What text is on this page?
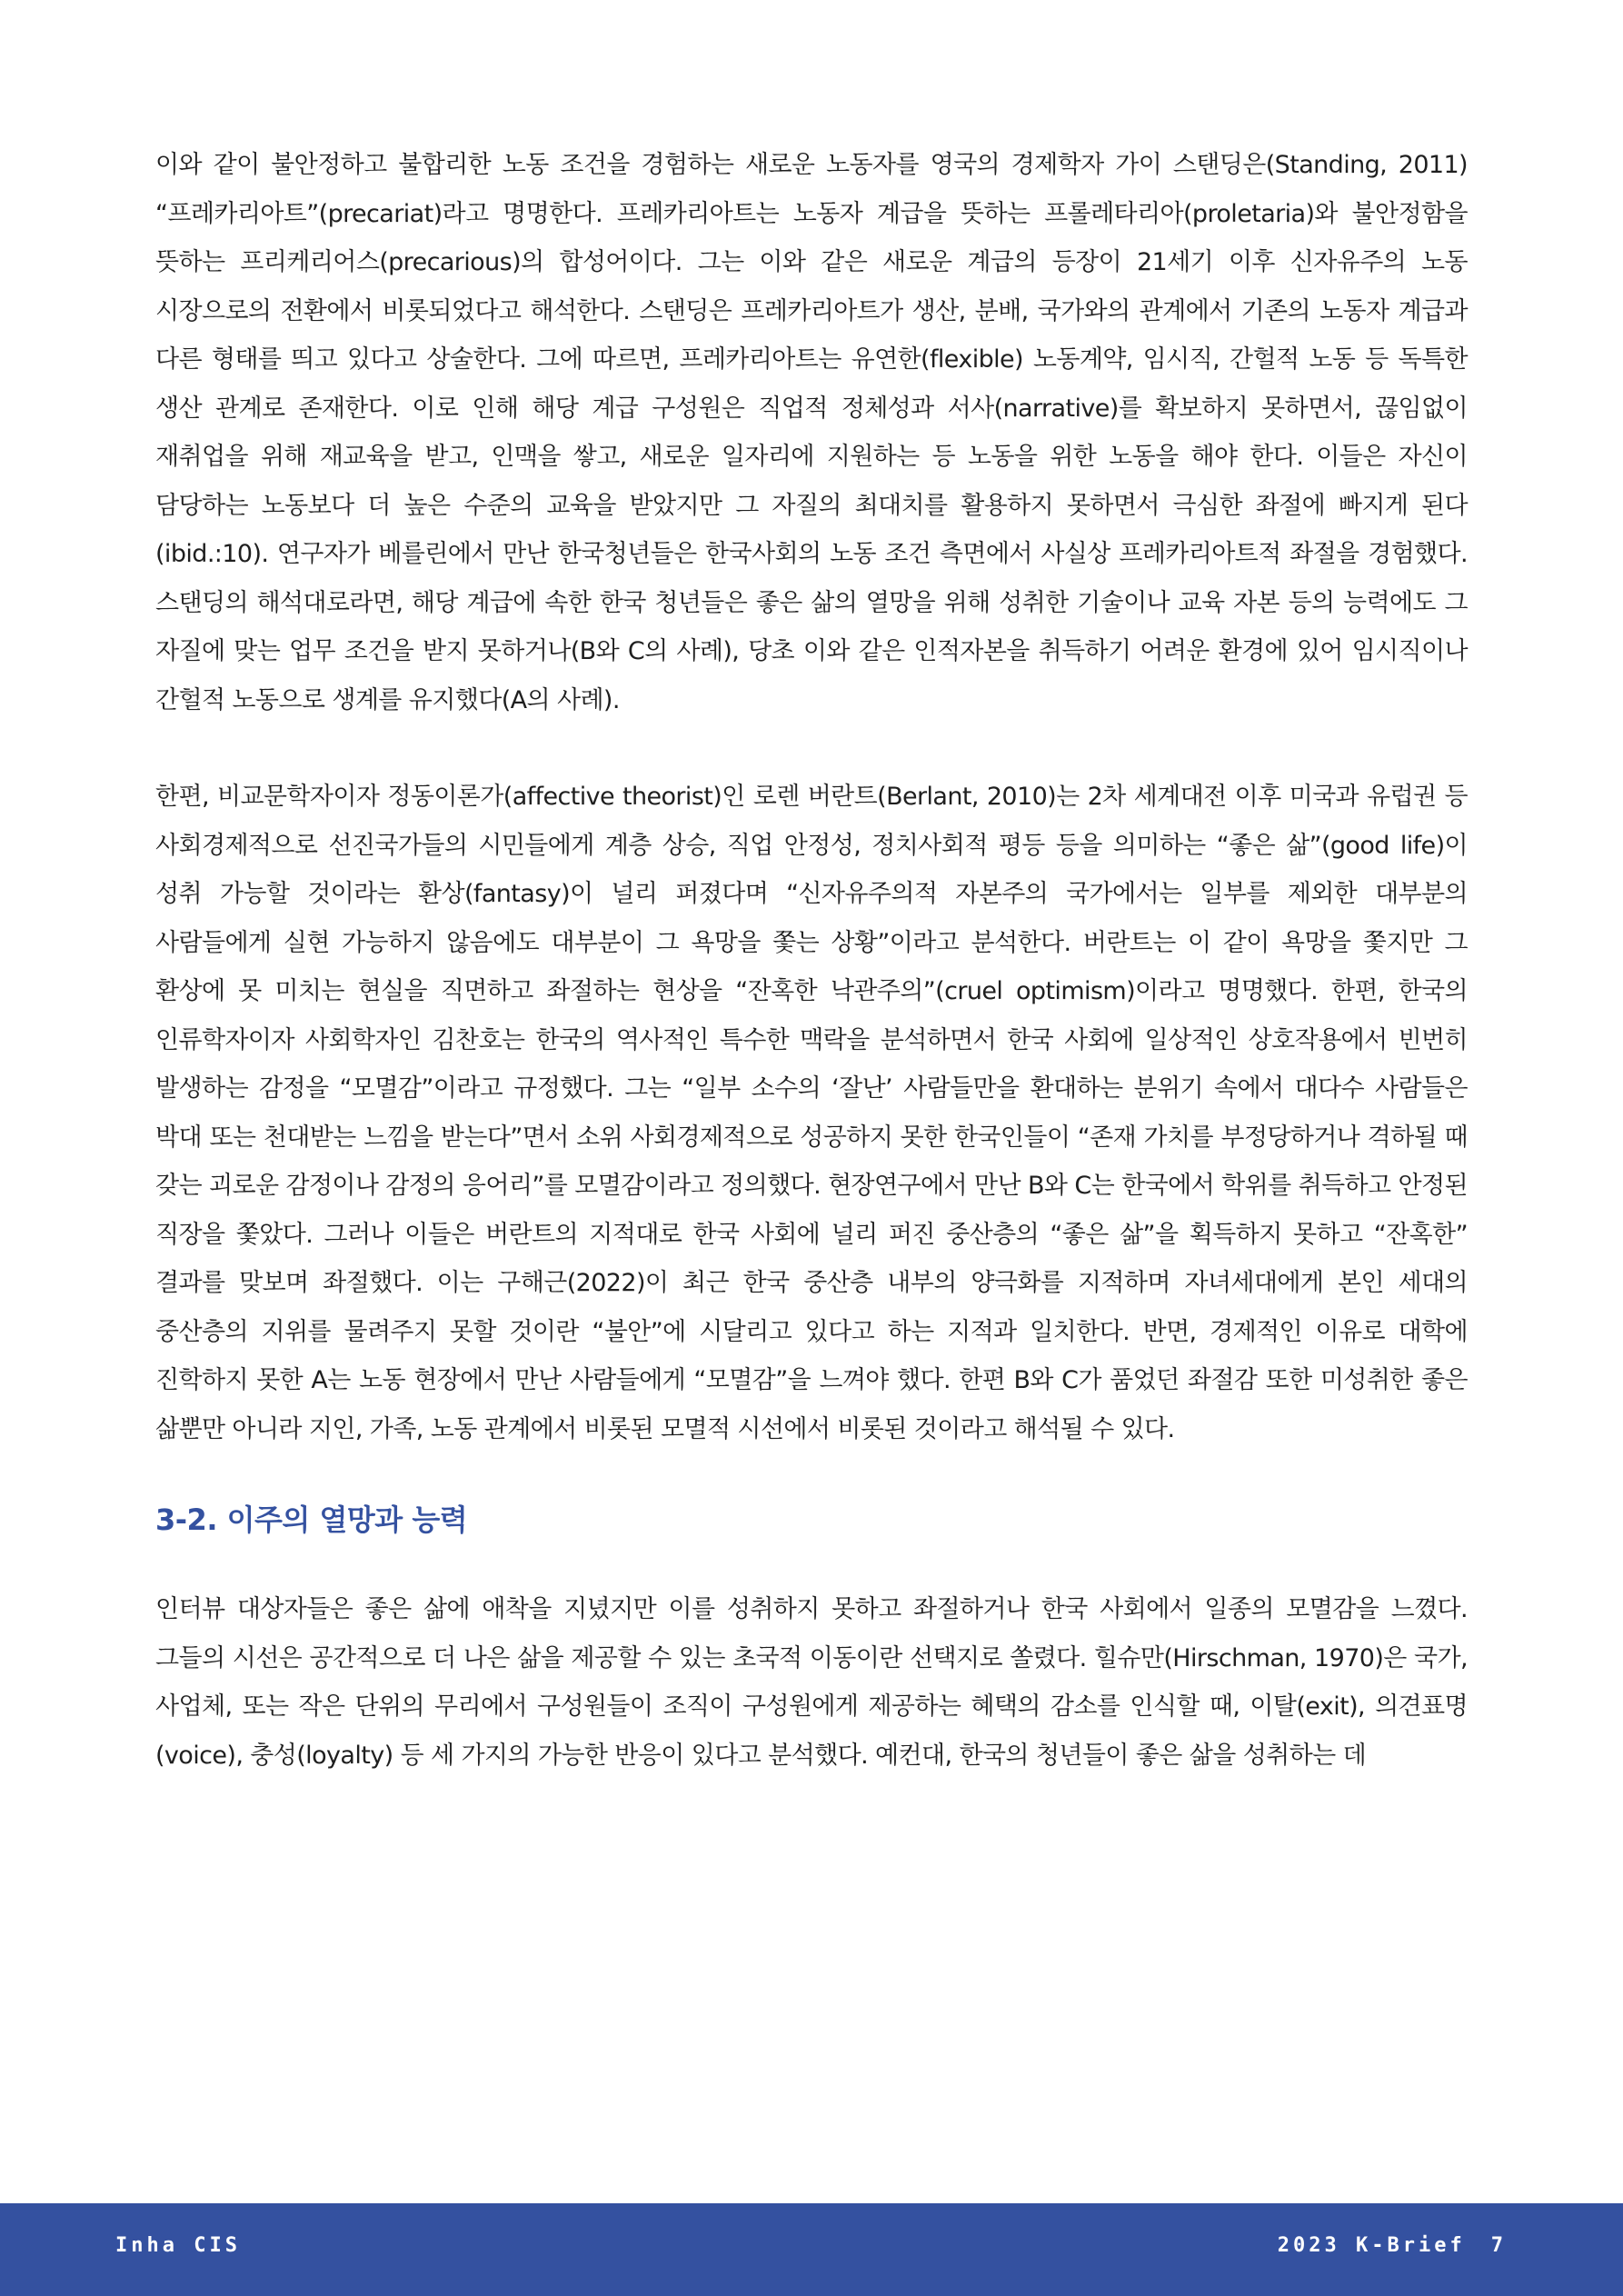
이와 같이 불안정하고 불합리한 노동 조건을 경험하는 새로운 노동자를 영국의 경제학자 가이 스탠딩은(Standing, 2011) “프레카리아트”(precariat)라고 명명한다. 프레카리아트는 노동자 계급을 뜻하는 프롤레타리아(proletaria)와 불안정함을 뜻하는 프리케리어스(precarious)의 합성어이다. 그는 이와 같은 새로운 계급의 등장이 21세기 이후 신자유주의 노동 시장으로의 전환에서 비롯되었다고 해석한다. 스탠딩은 프레카리아트가 생산, 분배, 국가와의 관계에서 기존의 노동자 계급과 다른 형태를 띄고 있다고 상술한다. 그에 따르면, 프레카리아트는 유연한(flexible) 노동계약, 임시직, 간헐적 노동 등 독특한 생산 관계로 존재한다. 이로 인해 해당 계급 구성원은 직업적 정체성과 서사(narrative)를 확보하지 못하면서, 끊임없이 재취업을 위해 재교육을 받고, 인맥을 쌓고, 새로운 일자리에 지원하는 등 노동을 위한 노동을 해야 한다. 이들은 자신이 담당하는 노동보다 더 높은 수준의 교육을 받았지만 그 자질의 최대치를 활용하지 못하면서 극심한 좌절에 빠지게 된다(ibid.:10). 연구자가 베를린에서 만난 한국청년들은 한국사회의 노동 조건 측면에서 사실상 프레카리아트적 좌절을 경험했다. 스탠딩의 해석대로라면, 해당 계급에 속한 한국 청년들은 좋은 삶의 열망을 위해 성취한 기술이나 교육 자본 등의 능력에도 그 자질에 맞는 업무 조건을 받지 못하거나(B와 C의 사례), 당초 이와 같은 인적자본을 취득하기 어려운 환경에 있어 임시직이나 간헐적 노동으로 생계를 유지했다(A의 사례).

한편, 비교문학자이자 정동이론가(affective theorist)인 로렌 버란트(Berlant, 2010)는 2차 세계대전 이후 미국과 유럽권 등 사회경제적으로 선진국가들의 시민들에게 계층 상승, 직업 안정성, 정치사회적 평등 등을 의미하는 “좋은 삶”(good life)이 성취 가능할 것이라는 환상(fantasy)이 널리 퍼졌다며 “신자유주의적 자본주의 국가에서는 일부를 제외한 대부분의 사람들에게 실현 가능하지 않음에도 대부분이 그 욕망을 쫓는 상황”이라고 분석한다. 버란트는 이 같이 욕망을 쫓지만 그 환상에 못 미치는 현실을 직면하고 좌절하는 현상을 “잔혹한 낙관주의”(cruel optimism)이라고 명명했다. 한편, 한국의 인류학자이자 사회학자인 김찬호는 한국의 역사적인 특수한 맥락을 분석하면서 한국 사회에 일상적인 상호작용에서 빈번히 발생하는 감정을 “모멸감”이라고 규정했다. 그는 “일부 소수의 ‘잘난’ 사람들만을 환대하는 분위기 속에서 대다수 사람들은 박대 또는 천대받는 느낌을 받는다”면서 소위 사회경제적으로 성공하지 못한 한국인들이 “존재 가치를 부정당하거나 격하될 때 갖는 괴로운 감정이나 감정의 응어리”를 모멸감이라고 정의했다. 현장연구에서 만난 B와 C는 한국에서 학위를 취득하고 안정된 직장을 쫓았다. 그러나 이들은 버란트의 지적대로 한국 사회에 널리 퍼진 중산층의 “좋은 삶”을 획득하지 못하고 “잔혹한” 결과를 맞보며 좌절했다. 이는 구해근(2022)이 최근 한국 중산층 내부의 양극화를 지적하며 자녀세대에게 본인 세대의 중산층의 지위를 물려주지 못할 것이란 “불안”에 시달리고 있다고 하는 지적과 일치한다. 반면, 경제적인 이유로 대학에 진학하지 못한 A는 노동 현장에서 만난 사람들에게 “모멸감”을 느껴야 했다. 한편 B와 C가 품었던 좌절감 또한 미성취한 좋은 삶뿐만 아니라 지인, 가족, 노동 관계에서 비롯된 모멸적 시선에서 비롯된 것이라고 해석될 수 있다.

3-2. 이주의 열망과 능력

인터뷰 대상자들은 좋은 삶에 애착을 지녔지만 이를 성취하지 못하고 좌절하거나 한국 사회에서 일종의 모멸감을 느꼈다. 그들의 시선은 공간적으로 더 나은 삶을 제공할 수 있는 초국적 이동이란 선택지로 쏠렸다. 힐슈만(Hirschman, 1970)은 국가, 사업체, 또는 작은 단위의 무리에서 구성원들이 조직이 구성원에게 제공하는 혜택의 감소를 인식할 때, 이탈(exit), 의견표명(voice), 충성(loyalty) 등 세 가지의 가능한 반응이 있다고 분석했다. 예컨대, 한국의 청년들이 좋은 삶을 성취하는 데

Inha CIS	2023 K-Brief 7
